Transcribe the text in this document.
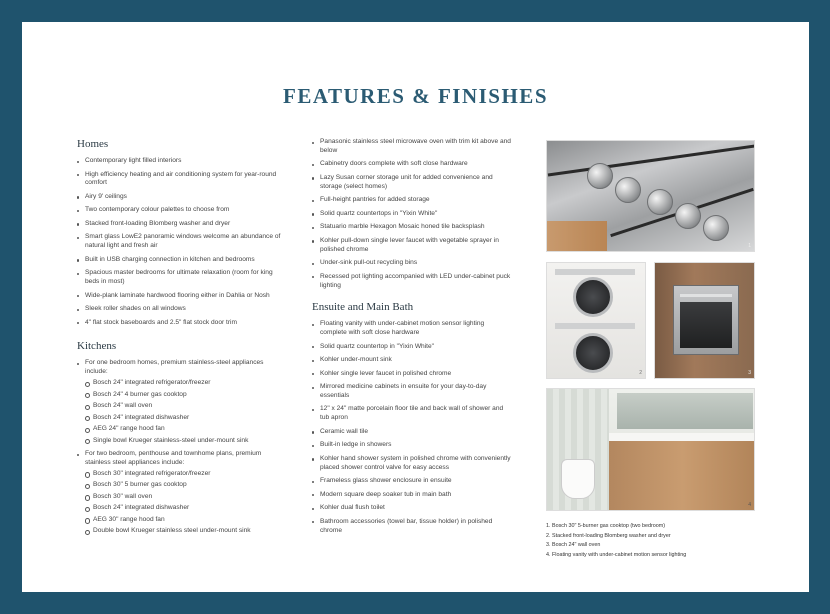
FEATURES & FINISHES
Homes
Contemporary light filled interiors
High efficiency heating and air conditioning system for year-round comfort
Airy 9' ceilings
Two contemporary colour palettes to choose from
Stacked front-loading Blomberg washer and dryer
Smart glass LowE2 panoramic windows welcome an abundance of natural light and fresh air
Built in USB charging connection in kitchen and bedrooms
Spacious master bedrooms for ultimate relaxation (room for king beds in most)
Wide-plank laminate hardwood flooring either in Dahlia or Nosh
Sleek roller shades on all windows
4" flat stock baseboards and 2.5" flat stock door trim
Kitchens
For one bedroom homes, premium stainless-steel appliances include:
Bosch 24" integrated refrigerator/freezer
Bosch 24" 4 burner gas cooktop
Bosch 24" wall oven
Bosch 24" integrated dishwasher
AEG 24" range hood fan
Single bowl Krueger stainless-steel under-mount sink
For two bedroom, penthouse and townhome plans, premium stainless steel appliances include:
Bosch 30" integrated refrigerator/freezer
Bosch 30" 5 burner gas cooktop
Bosch 30" wall oven
Bosch 24" integrated dishwasher
AEG 30" range hood fan
Double bowl Krueger stainless steel under-mount sink
Panasonic stainless steel microwave oven with trim kit above and below
Cabinetry doors complete with soft close hardware
Lazy Susan corner storage unit for added convenience and storage (select homes)
Full-height pantries for added storage
Solid quartz countertops in "Yixin White"
Statuario marble Hexagon Mosaic honed tile backsplash
Kohler pull-down single lever faucet with vegetable sprayer in polished chrome
Under-sink pull-out recycling bins
Recessed pot lighting accompanied with LED under-cabinet puck lighting
Ensuite and Main Bath
Floating vanity with under-cabinet motion sensor lighting complete with soft close hardware
Solid quartz countertop in "Yixin White"
Kohler under-mount sink
Kohler single lever faucet in polished chrome
Mirrored medicine cabinets in ensuite for your day-to-day essentials
12" x 24" matte porcelain floor tile and back wall of shower and tub apron
Ceramic wall tile
Built-in ledge in showers
Kohler hand shower system in polished chrome with conveniently placed shower control valve for easy access
Frameless glass shower enclosure in ensuite
Modern square deep soaker tub in main bath
Kohler dual flush toilet
Bathroom accessories (towel bar, tissue holder) in polished chrome
1
2	3
4
1. Bosch 30" 5-burner gas cooktop (two bedroom)
2. Stacked front-loading Blomberg washer and dryer
3. Bosch 24" wall oven
4. Floating vanity with under-cabinet motion sensor lighting
